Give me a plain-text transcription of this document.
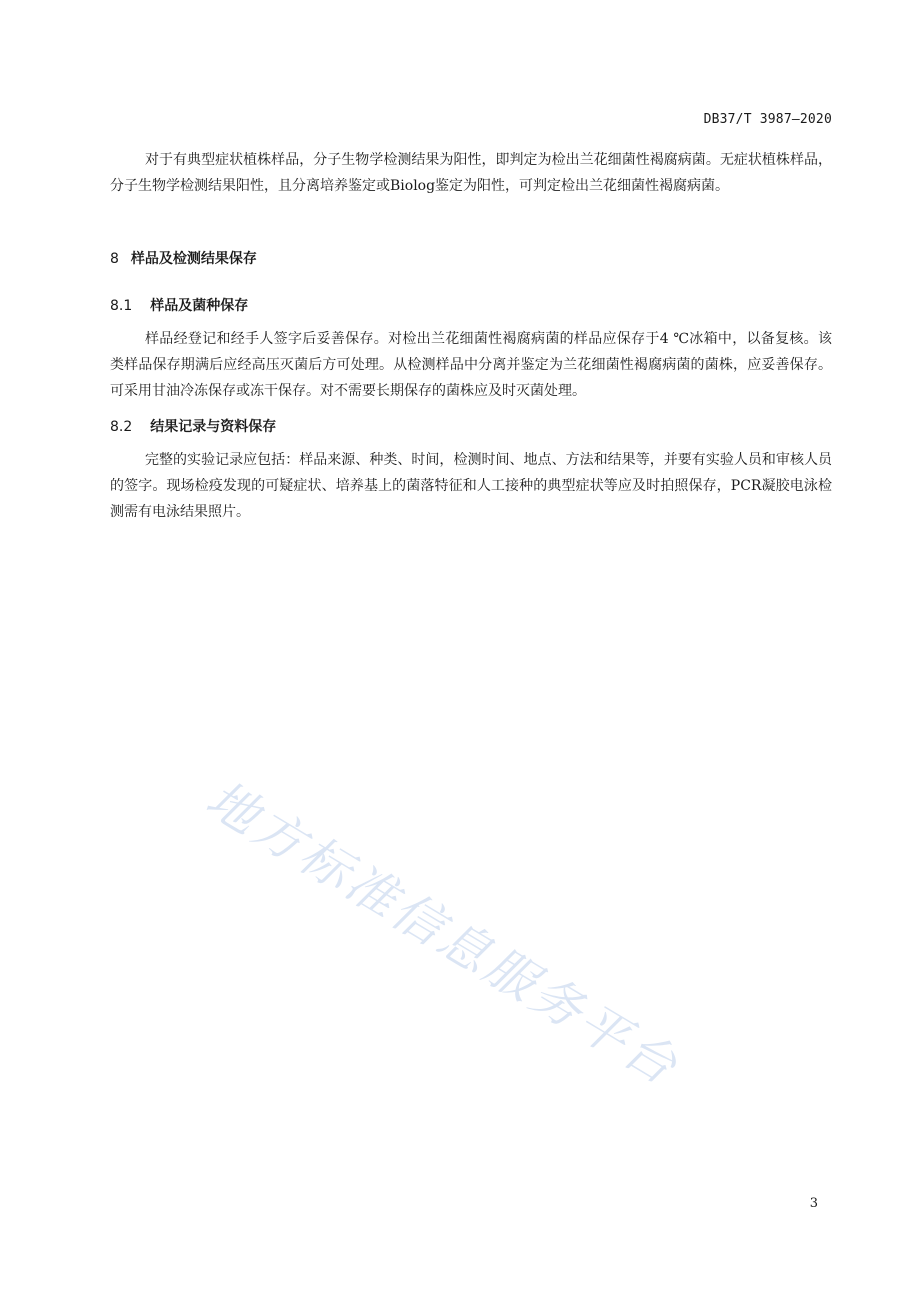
DB37/T 3987—2020

对于有典型症状植株样品，分子生物学检测结果为阳性，即判定为检出兰花细菌性褐腐病菌。无症状植株样品，分子生物学检测结果阳性，且分离培养鉴定或Biolog鉴定为阳性，可判定检出兰花细菌性褐腐病菌。

8 样品及检测结果保存
8.1 样品及菌种保存

样品经登记和经手人签字后妥善保存。对检出兰花细菌性褐腐病菌的样品应保存于4 ℃冰箱中，以备复核。该类样品保存期满后应经高压灭菌后方可处理。从检测样品中分离并鉴定为兰花细菌性褐腐病菌的菌株，应妥善保存。可采用甘油冷冻保存或冻干保存。对不需要长期保存的菌株应及时灭菌处理。

8.2 结果记录与资料保存

完整的实验记录应包括：样品来源、种类、时间，检测时间、地点、方法和结果等，并要有实验人员和审核人员的签字。现场检疫发现的可疑症状、培养基上的菌落特征和人工接种的典型症状等应及时拍照保存，PCR凝胶电泳检测需有电泳结果照片。

地方标准信息服务平台
3
